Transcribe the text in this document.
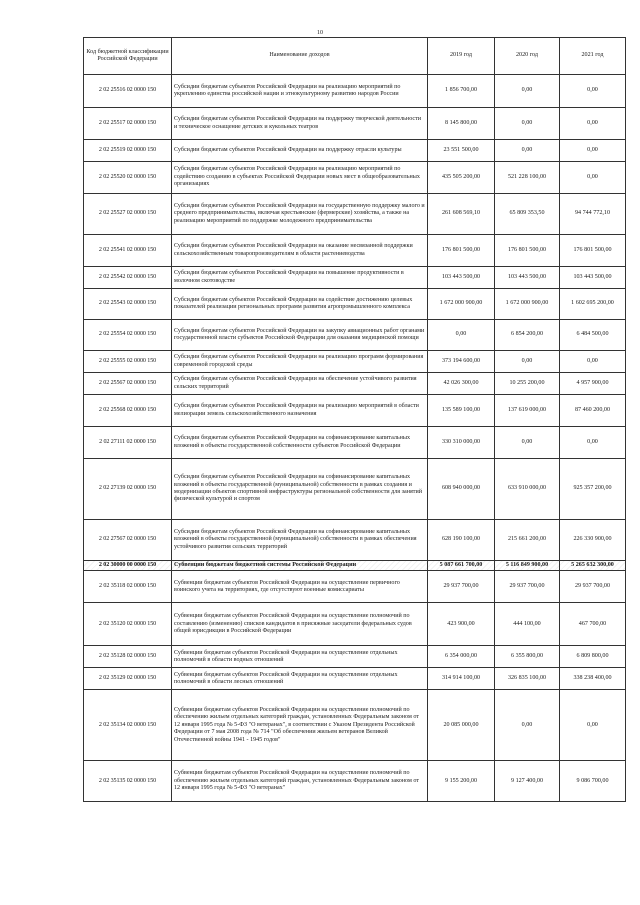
10
Код бюджетной классификации Российской Федерации	Наименование доходов	2019 год	2020 год	2021 год
2 02 25516 02 0000 150	Субсидии бюджетам субъектов Российской Федерации на реализацию мероприятий по укреплению единства российской нации и этнокультурному развитию народов России	1 856 700,00	0,00	0,00
2 02 25517 02 0000 150	Субсидии бюджетам субъектов Российской Федерации на поддержку творческой деятельности и техническое оснащение детских и кукольных театров	8 145 800,00	0,00	0,00
2 02 25519 02 0000 150	Субсидии бюджетам субъектов Российской Федерации на поддержку отрасли культуры	23 551 500,00	0,00	0,00
2 02 25520 02 0000 150	Субсидии бюджетам субъектов Российской Федерации на реализацию мероприятий по содействию созданию в субъектах Российской Федерации новых мест в общеобразовательных организациях	435 505 200,00	521 228 100,00	0,00
2 02 25527 02 0000 150	Субсидии бюджетам субъектов Российской Федерации на государственную поддержку малого и среднего предпринимательства, включая крестьянские (фермерские) хозяйства, а также на реализацию мероприятий по поддержке молодежного предпринимательства	261 608 569,10	65 809 353,50	94 744 772,10
2 02 25541 02 0000 150	Субсидии бюджетам субъектов Российской Федерации на оказание несвязанной поддержки сельскохозяйственным товаропроизводителям в области растениеводства	176 801 500,00	176 801 500,00	176 801 500,00
2 02 25542 02 0000 150	Субсидии бюджетам субъектов Российской Федерации на повышение продуктивности в молочном скотоводстве	103 443 500,00	103 443 500,00	103 443 500,00
2 02 25543 02 0000 150	Субсидии бюджетам субъектов Российской Федерации на содействие достижению целевых показателей реализации региональных программ развития агропромышленного комплекса	1 672 000 900,00	1 672 000 900,00	1 602 695 200,00
2 02 25554 02 0000 150	Субсидии бюджетам субъектов Российской Федерации на закупку авиационных работ органами государственной власти субъектов Российской Федерации для оказания медицинской помощи	0,00	6 854 200,00	6 484 500,00
2 02 25555 02 0000 150	Субсидии бюджетам субъектов Российской Федерации на реализацию программ формирования современной городской среды	373 194 600,00	0,00	0,00
2 02 25567 02 0000 150	Субсидии бюджетам субъектов Российской Федерации на обеспечение устойчивого развития сельских территорий	42 026 300,00	10 255 200,00	4 957 900,00
2 02 25568 02 0000 150	Субсидии бюджетам субъектов Российской Федерации на реализацию мероприятий в области мелиорации земель сельскохозяйственного назначения	135 589 100,00	137 619 000,00	87 460 200,00
2 02 27111 02 0000 150	Субсидии бюджетам субъектов Российской Федерации на софинансирование капитальных вложений в объекты государственной собственности субъектов Российской Федерации	330 310 000,00	0,00	0,00
2 02 27139 02 0000 150	Субсидии бюджетам субъектов Российской Федерации на софинансирование капитальных вложений в объекты государственной (муниципальной) собственности в рамках создания и модернизации объектов спортивной инфраструктуры региональной собственности для занятий физической культурой и спортом	608 940 000,00	633 910 000,00	925 357 200,00
2 02 27567 02 0000 150	Субсидии бюджетам субъектов Российской Федерации на софинансирование капитальных вложений в объекты государственной (муниципальной) собственности в рамках обеспечения устойчивого развития сельских территорий	628 190 100,00	215 661 200,00	226 330 900,00
2 02 30000 00 0000 150	Субвенции бюджетам бюджетной системы Российской Федерации	5 087 661 700,00	5 116 849 900,00	5 265 632 300,00
2 02 35118 02 0000 150	Субвенции бюджетам субъектов Российской Федерации на осуществление первичного воинского учета на территориях, где отсутствуют военные комиссариаты	29 937 700,00	29 937 700,00	29 937 700,00
2 02 35120 02 0000 150	Субвенции бюджетам субъектов Российской Федерации на осуществление полномочий по составлению (изменению) списков кандидатов в присяжные заседатели федеральных судов общей юрисдикции в Российской Федерации	423 900,00	444 100,00	467 700,00
2 02 35128 02 0000 150	Субвенции бюджетам субъектов Российской Федерации на осуществление отдельных полномочий в области водных отношений	6 354 000,00	6 355 800,00	6 809 800,00
2 02 35129 02 0000 150	Субвенции бюджетам субъектов Российской Федерации на осуществление отдельных полномочий в области лесных отношений	314 914 100,00	326 835 100,00	338 238 400,00
2 02 35134 02 0000 150	Субвенции бюджетам субъектов Российской Федерации на осуществление полномочий по обеспечению жильем отдельных категорий граждан, установленных Федеральным законом от 12 января 1995 года № 5-ФЗ "О ветеранах", в соответствии с Указом Президента Российской Федерации от 7 мая 2008 года № 714 "Об обеспечении жильем ветеранов Великой Отечественной войны 1941 - 1945 годов"	20 085 000,00	0,00	0,00
2 02 35135 02 0000 150	Субвенции бюджетам субъектов Российской Федерации на осуществление полномочий по обеспечению жильем отдельных категорий граждан, установленных Федеральным законом от 12 января 1995 года № 5-ФЗ "О ветеранах"	9 155 200,00	9 127 400,00	9 086 700,00
